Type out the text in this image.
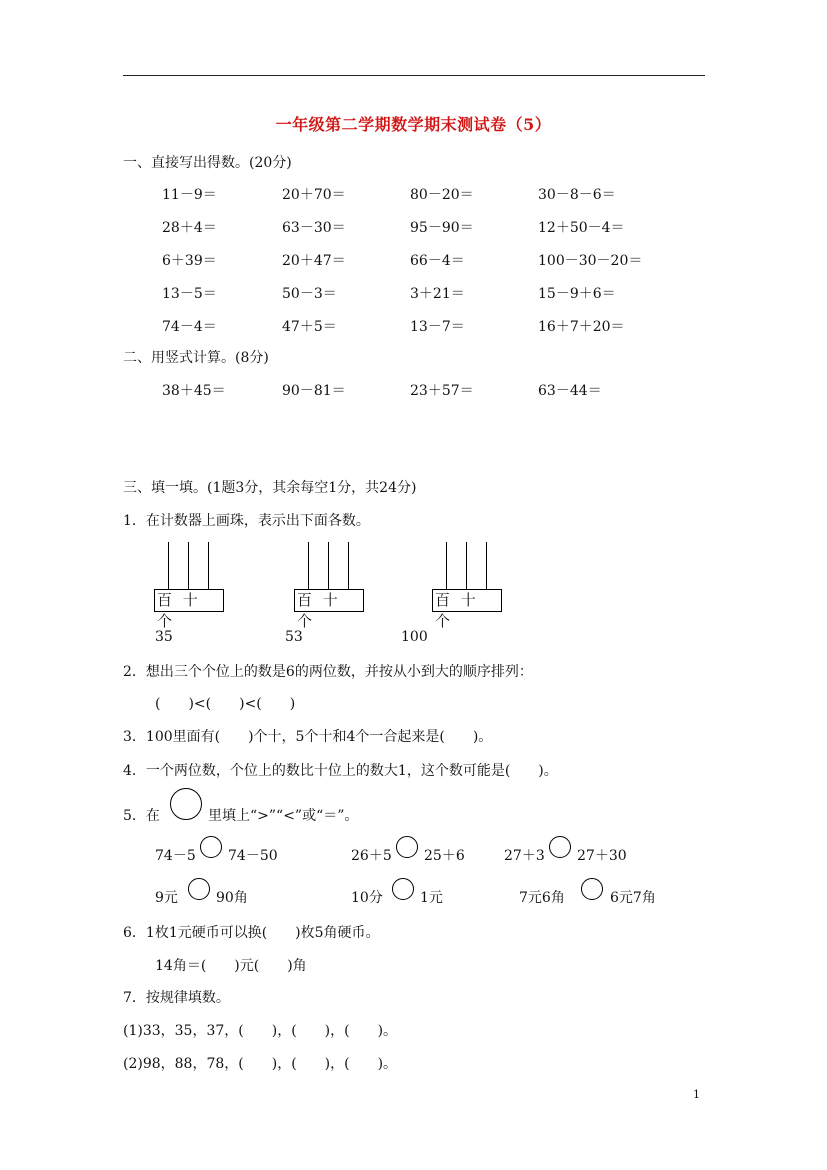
一年级第二学期数学期末测试卷（5）
一、直接写出得数。(20分)
11－9＝	20＋70＝	80－20＝	30－8－6＝
28＋4＝	63－30＝	95－90＝	12＋50－4＝
6＋39＝	20＋47＝	66－4＝	100－30－20＝
13－5＝	50－3＝	3＋21＝	15－9＋6＝
74－4＝	47＋5＝	13－7＝	16＋7＋20＝
二、用竖式计算。(8分)
38＋45＝	90－81＝	23＋57＝	63－44＝
三、填一填。(1题3分，其余每空1分，共24分)
1．在计数器上画珠，表示出下面各数。
百 十 个
35
百 十 个
53
百 十 个
100
2．想出三个个位上的数是6的两位数，并按从小到大的顺序排列：
(　　)<(　　)<(　　)
3．100里面有(　　)个十，5个十和4个一合起来是(　　)。
4．一个两位数，个位上的数比十位上的数大1，这个数可能是(　　)。
5．在	里填上“>”“<”或“＝”。
74－5 74－50	26＋5 25＋6	27＋3 27＋30
9元	90角	10分	1元	7元6角	6元7角
6．1枚1元硬币可以换(　　)枚5角硬币。
14角＝(　　)元(　　)角
7．按规律填数。
(1)33，35，37，(　　)，(　　)，(　　)。
(2)98，88，78，(　　)，(　　)，(　　)。
1
